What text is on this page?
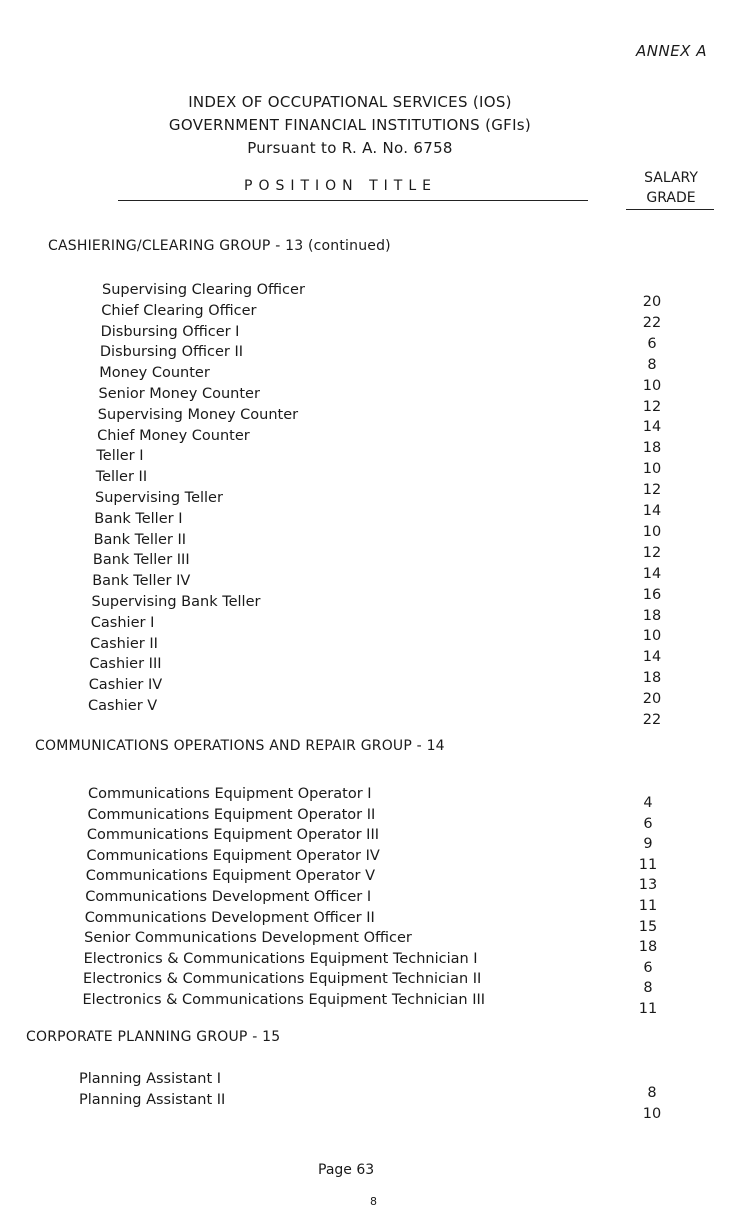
ANNEX A
INDEX OF OCCUPATIONAL SERVICES (IOS)
GOVERNMENT FINANCIAL INSTITUTIONS (GFIs)
Pursuant to R. A. No. 6758
POSITION TITLE	SALARY
GRADE
CASHIERING/CLEARING GROUP - 13 (continued)
Supervising Clearing Officer
Chief Clearing Officer
Disbursing Officer I
Disbursing Officer II
Money Counter
Senior Money Counter
Supervising Money Counter
Chief Money Counter
Teller I
Teller II
Supervising Teller
Bank Teller I
Bank Teller II
Bank Teller III
Bank Teller IV
Supervising Bank Teller
Cashier I
Cashier II
Cashier III
Cashier IV
Cashier V
20
22
6
8
10
12
14
18
10
12
14
10
12
14
16
18
10
14
18
20
22
COMMUNICATIONS OPERATIONS AND REPAIR GROUP - 14
Communications Equipment Operator I
Communications Equipment Operator II
Communications Equipment Operator III
Communications Equipment Operator IV
Communications Equipment Operator V
Communications Development Officer I
Communications Development Officer II
Senior Communications Development Officer
Electronics & Communications Equipment Technician I
Electronics & Communications Equipment Technician II
Electronics & Communications Equipment Technician III
4
6
9
11
13
11
15
18
6
8
11
CORPORATE PLANNING GROUP - 15
Planning Assistant I
Planning Assistant II	8
10
Page 63
8
